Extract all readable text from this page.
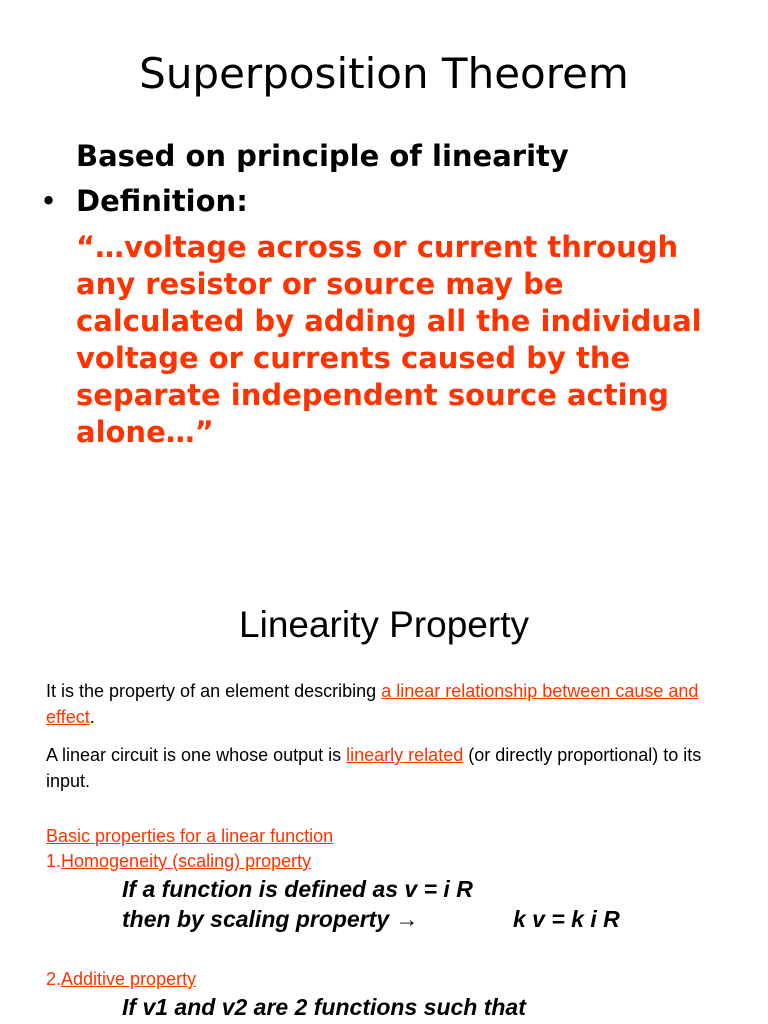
Superposition Theorem
Based on principle of linearity
• Definition:

“…voltage across or current through
any resistor or source may be
calculated by adding all the individual
voltage or currents caused by the
separate independent source acting
alone…”

Linearity Property

It is the property of an element describing a linear relationship between cause and effect.

A linear circuit is one whose output is linearly related (or directly proportional) to its input.

Basic properties for a linear function
1.Homogeneity (scaling) property
If a function is defined as v = i R
then by scaling property →	k v = k i R
2.Additive property
If v1 and v2 are 2 functions such that
